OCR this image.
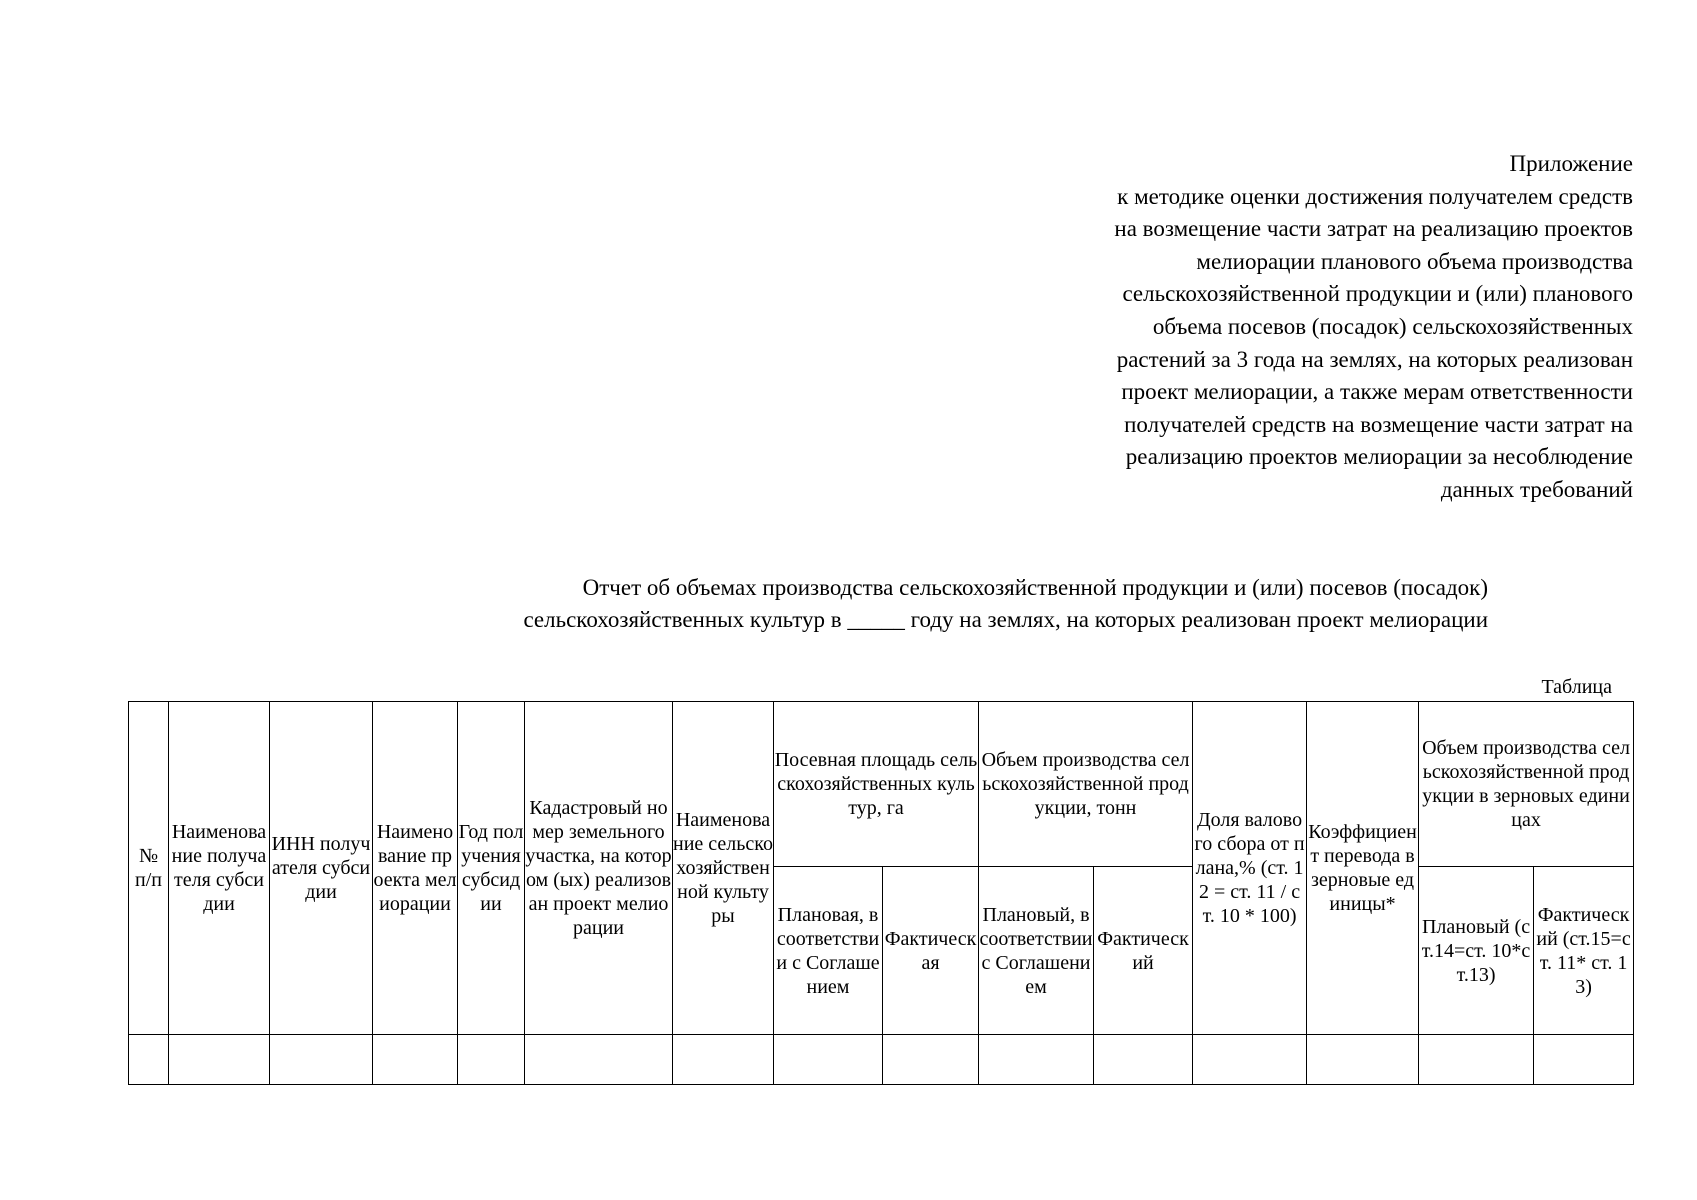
Приложение
к методике оценки достижения получателем средств
на возмещение части затрат на реализацию проектов
мелиорации планового объема производства
сельскохозяйственной продукции и (или) планового
объема посевов (посадок) сельскохозяйственных
растений за 3 года на землях, на которых реализован
проект мелиорации, а также мерам ответственности
получателей средств на возмещение части затрат на
реализацию проектов мелиорации за несоблюдение
данных требований
Отчет об объемах производства сельскохозяйственной продукции и (или) посевов (посадок)
сельскохозяйственных культур в _____ году на землях, на которых реализован проект мелиорации
Таблица
№ п/п	Наименование получателя субсидии	ИНН получателя субсидии	Наименование проекта мелиорации	Год получения субсидии	Кадастровый номер земельного участка, на котором (ых) реализован проект мелиорации	Наименование сельскохозяйственной культуры	Посевная площадь сельскохозяйственных культур, га		Объем производства сельскохозяйственной продукции, тонн		Доля валового сбора от плана,% (ст. 12 = ст. 11 / ст. 10 * 100)	Коэффициент перевода в зерновые единицы*	Объем производства сельскохозяйственной продукции в зерновых единицах	

							Плановая, в соответствии с Соглашением	Фактическая	Плановый, в соответствии с Соглашением	Фактический			Плановый (ст.14=ст. 10*ст.13)	Фактический (ст.15=ст. 11* ст. 13)
